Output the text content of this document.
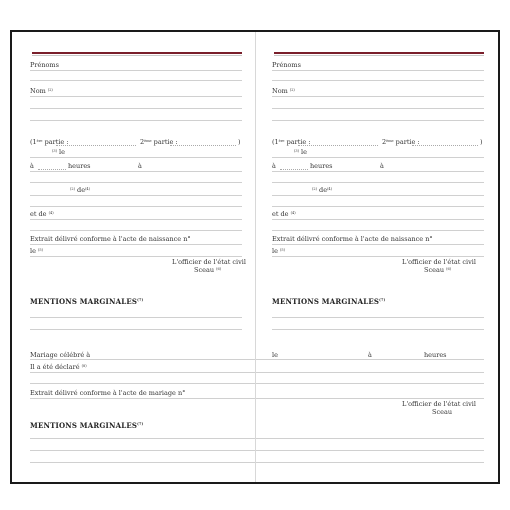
Prénoms
Nom $^{(2)}$
(1ère partie :	2ème partie :	)
$^{(3)}$ le
à	heures	à
$^{(2)}$ $de^{(4)}$
et de $^{(4)}$
Extrait délivré conforme à l'acte de naissance n°
le $^{(5)}$
L'officier de l'état civil
Sceau $^{(6)}$
MENTIONS MARGINALES$^{(7)}$
Mariage célébré à
Il a été déclaré $^{(8)}$
Extrait délivré conforme à l'acte de mariage n°
MENTIONS MARGINALES$^{(7)}$
Prénoms
Nom $^{(2)}$
(1ère partie :	2ème partie :	)
$^{(3)}$ le
à	heures	à
$^{(2)}$ $de^{(4)}$
et de $^{(4)}$
Extrait délivré conforme à l'acte de naissance n°
le $^{(5)}$
L'officier de l'état civil
Sceau $^{(6)}$
MENTIONS MARGINALES$^{(7)}$
le	à	heures
L'officier de l'état civil
Sceau
